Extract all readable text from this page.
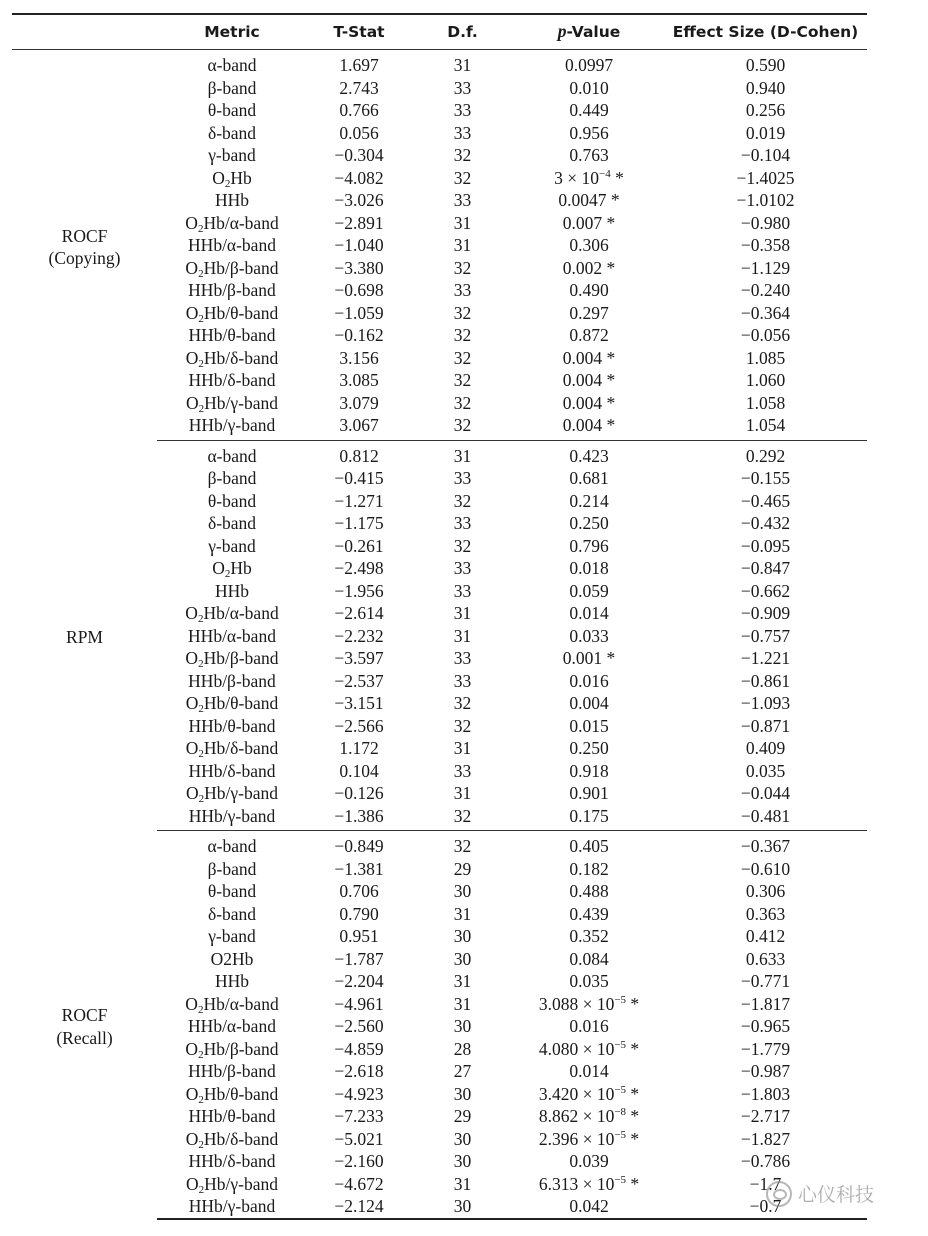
	Metric	T-Stat	D.f.	p-Value	Effect Size (D-Cohen)
ROCF
(Copying)	α-band	1.697	31	0.0997	0.590
	β-band	2.743	33	0.010	0.940
	θ-band	0.766	33	0.449	0.256
	δ-band	0.056	33	0.956	0.019
	γ-band	−0.304	32	0.763	−0.104
	$O_2Hb$	−4.082	32	$3 \times 10^{-4}$ *	−1.4025
	HHb	−3.026	33	0.0047 *	−1.0102
	$O_2Hb/\alpha$-band	−2.891	31	0.007 *	−0.980
	HHb/α-band	−1.040	31	0.306	−0.358
	$O_2Hb/\beta$-band	−3.380	32	0.002 *	−1.129
	HHb/β-band	−0.698	33	0.490	−0.240
	$O_2Hb/\theta$-band	−1.059	32	0.297	−0.364
	HHb/θ-band	−0.162	32	0.872	−0.056
	$O_2Hb/\delta$-band	3.156	32	0.004 *	1.085
	HHb/δ-band	3.085	32	0.004 *	1.060
	$O_2Hb/\gamma$-band	3.079	32	0.004 *	1.058
	HHb/γ-band	3.067	32	0.004 *	1.054
RPM	α-band	0.812	31	0.423	0.292
	β-band	−0.415	33	0.681	−0.155
	θ-band	−1.271	32	0.214	−0.465
	δ-band	−1.175	33	0.250	−0.432
	γ-band	−0.261	32	0.796	−0.095
	$O_2Hb$	−2.498	33	0.018	−0.847
	HHb	−1.956	33	0.059	−0.662
	$O_2Hb/\alpha$-band	−2.614	31	0.014	−0.909
	HHb/α-band	−2.232	31	0.033	−0.757
	$O_2Hb/\beta$-band	−3.597	33	0.001 *	−1.221
	HHb/β-band	−2.537	33	0.016	−0.861
	$O_2Hb/\theta$-band	−3.151	32	0.004	−1.093
	HHb/θ-band	−2.566	32	0.015	−0.871
	$O_2Hb/\delta$-band	1.172	31	0.250	0.409
	HHb/δ-band	0.104	33	0.918	0.035
	$O_2Hb/\gamma$-band	−0.126	31	0.901	−0.044
	HHb/γ-band	−1.386	32	0.175	−0.481
ROCF
(Recall)	α-band	−0.849	32	0.405	−0.367
	β-band	−1.381	29	0.182	−0.610
	θ-band	0.706	30	0.488	0.306
	δ-band	0.790	31	0.439	0.363
	γ-band	0.951	30	0.352	0.412
	O2Hb	−1.787	30	0.084	0.633
	HHb	−2.204	31	0.035	−0.771
	$O_2Hb/\alpha$-band	−4.961	31	$3.088 \times 10^{-5}$ *	−1.817
	HHb/α-band	−2.560	30	0.016	−0.965
	$O_2Hb/\beta$-band	−4.859	28	$4.080 \times 10^{-5}$ *	−1.779
	HHb/β-band	−2.618	27	0.014	−0.987
	$O_2Hb/\theta$-band	−4.923	30	$3.420 \times 10^{-5}$ *	−1.803
	HHb/θ-band	−7.233	29	$8.862 \times 10^{-8}$ *	−2.717
	$O_2Hb/\delta$-band	−5.021	30	$2.396 \times 10^{-5}$ *	−1.827
	HHb/δ-band	−2.160	30	0.039	−0.786
	$O_2Hb/\gamma$-band	−4.672	31	$6.313 \times 10^{-5}$ *	−1.7
	HHb/γ-band	−2.124	30	0.042	−0.7 心仪科技
